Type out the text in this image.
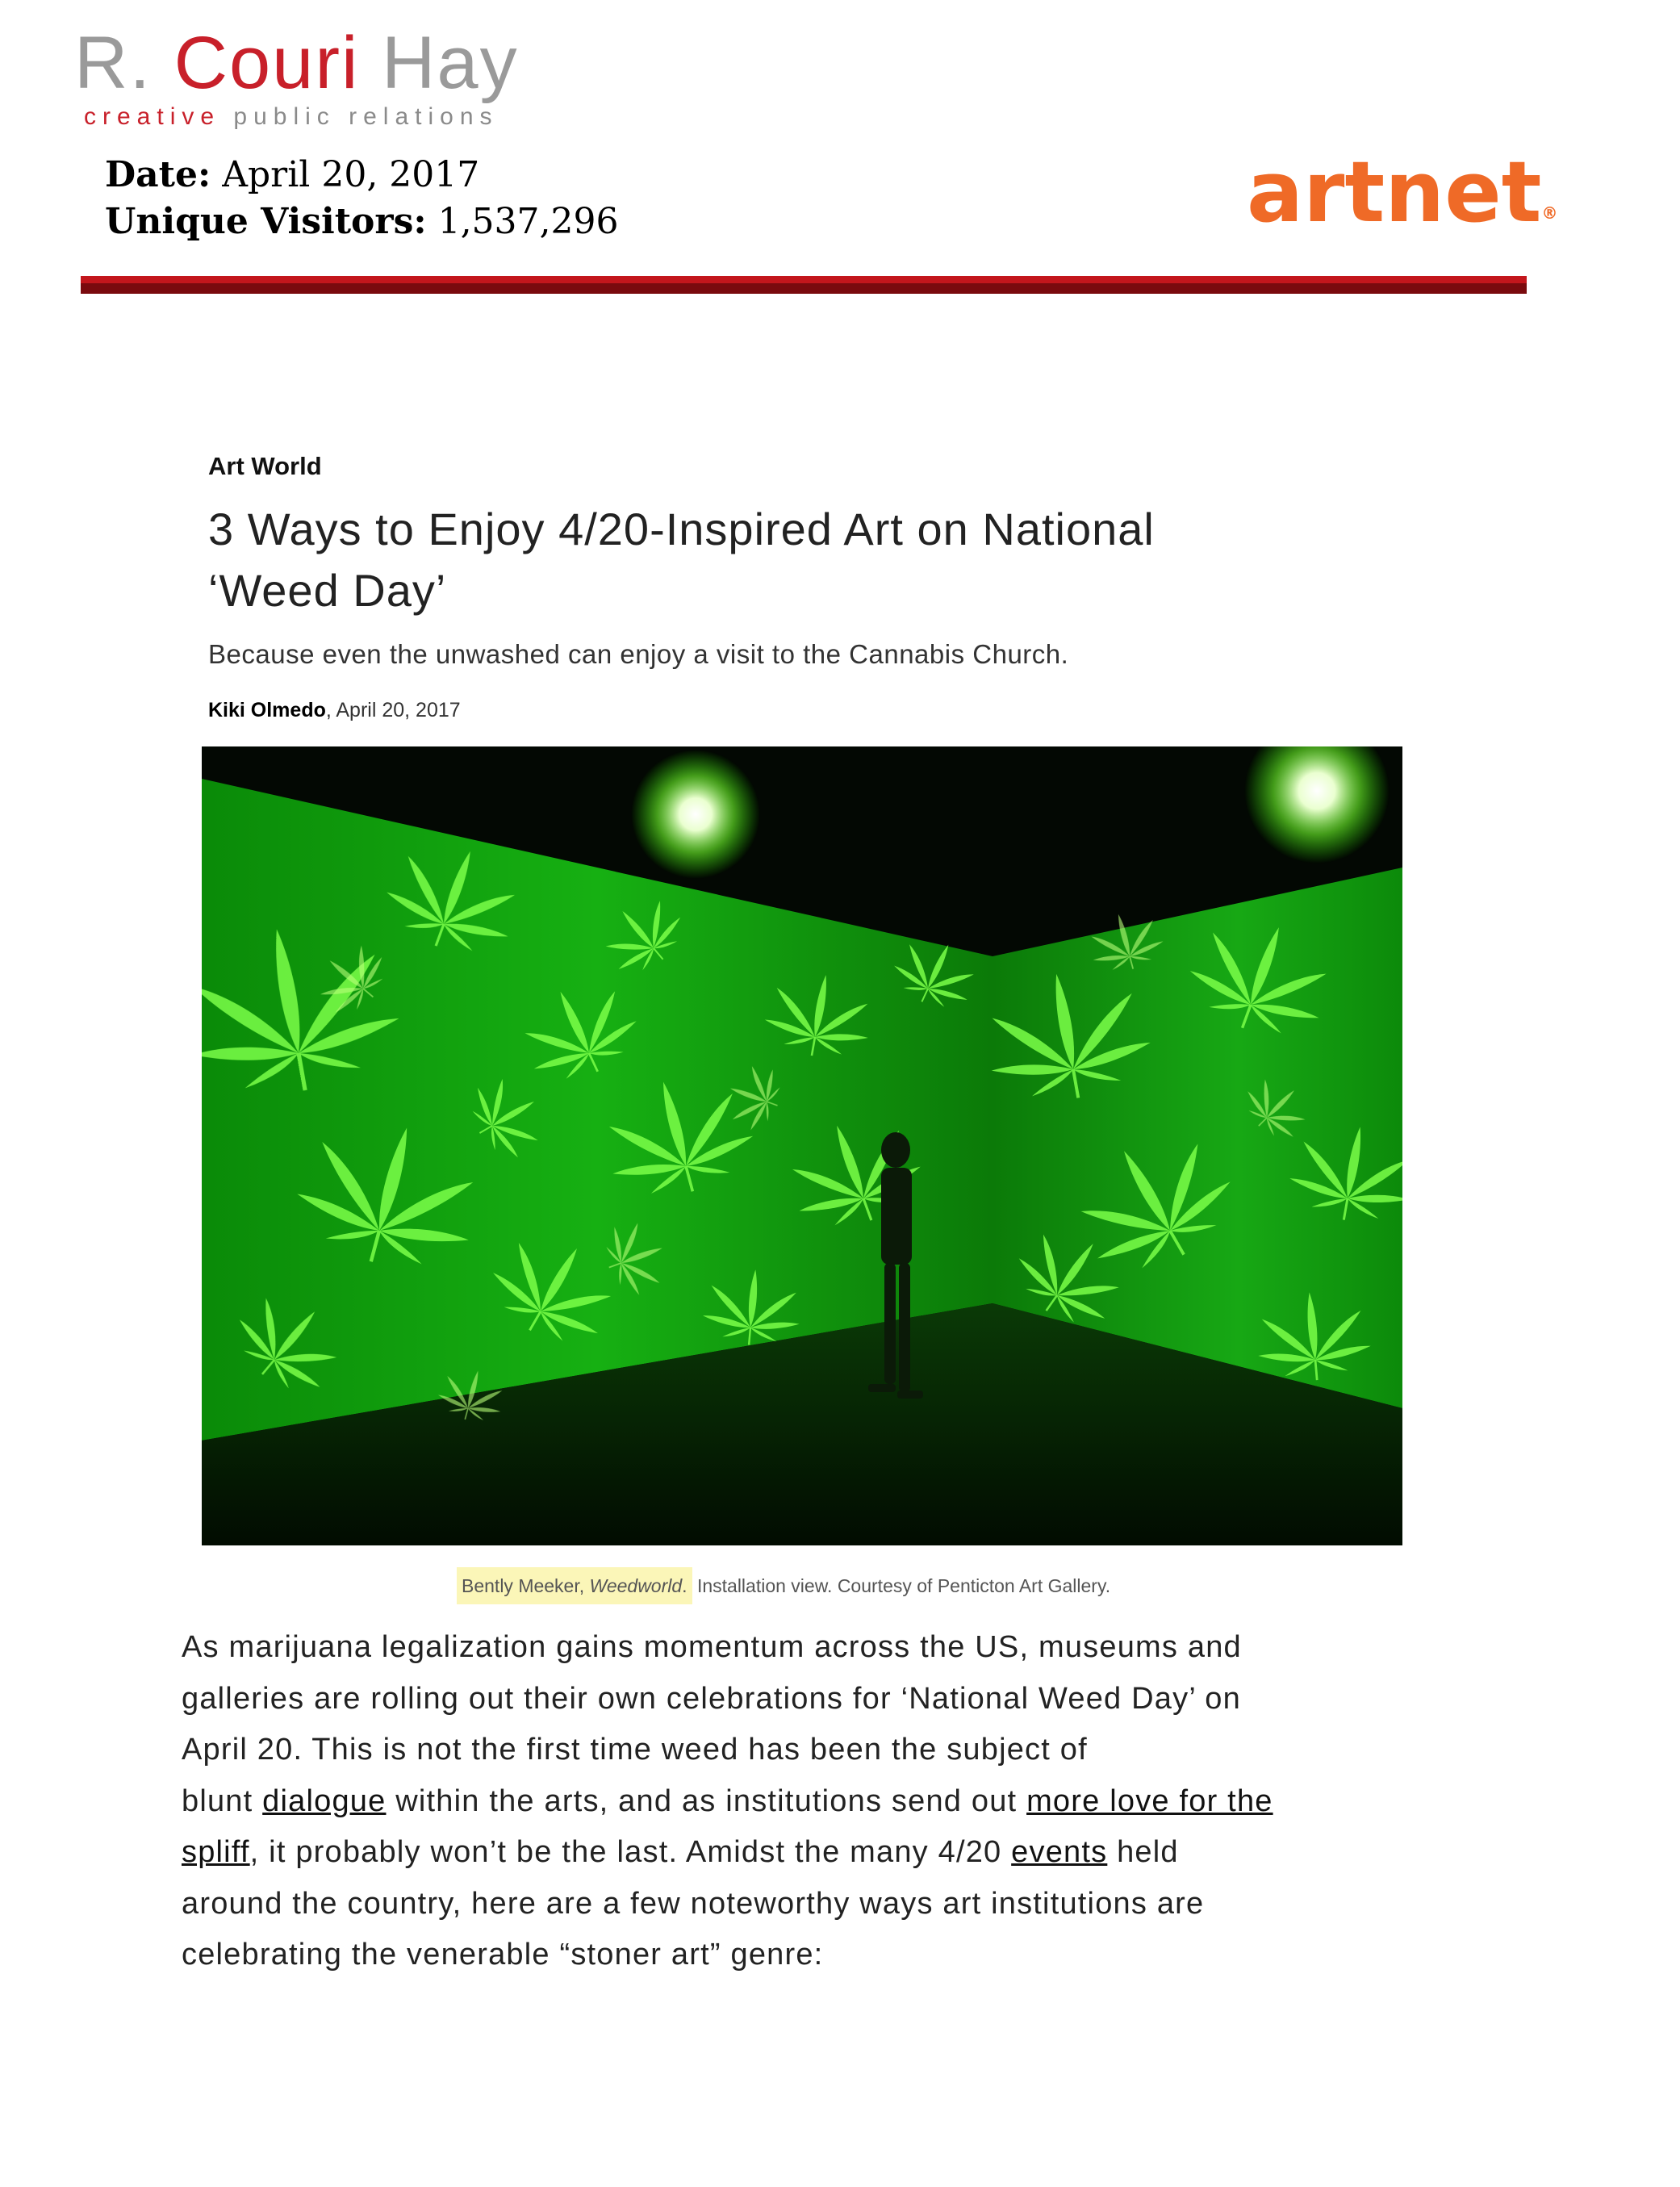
R. Couri Hay
creative public relations
Date: April 20, 2017
Unique Visitors: 1,537,296	artnet®
Art World
3 Ways to Enjoy 4/20-Inspired Art on National
‘Weed Day’
Because even the unwashed can enjoy a visit to the Cannabis Church.
Kiki Olmedo, April 20, 2017
Bently Meeker, Weedworld. Installation view. Courtesy of Penticton Art Gallery.
As marijuana legalization gains momentum across the US, museums and
galleries are rolling out their own celebrations for ‘National Weed Day’ on
April 20. This is not the first time weed has been the subject of
blunt dialogue within the arts, and as institutions send out more love for the
spliff, it probably won’t be the last. Amidst the many 4/20 events held
around the country, here are a few noteworthy ways art institutions are
celebrating the venerable “stoner art” genre:
